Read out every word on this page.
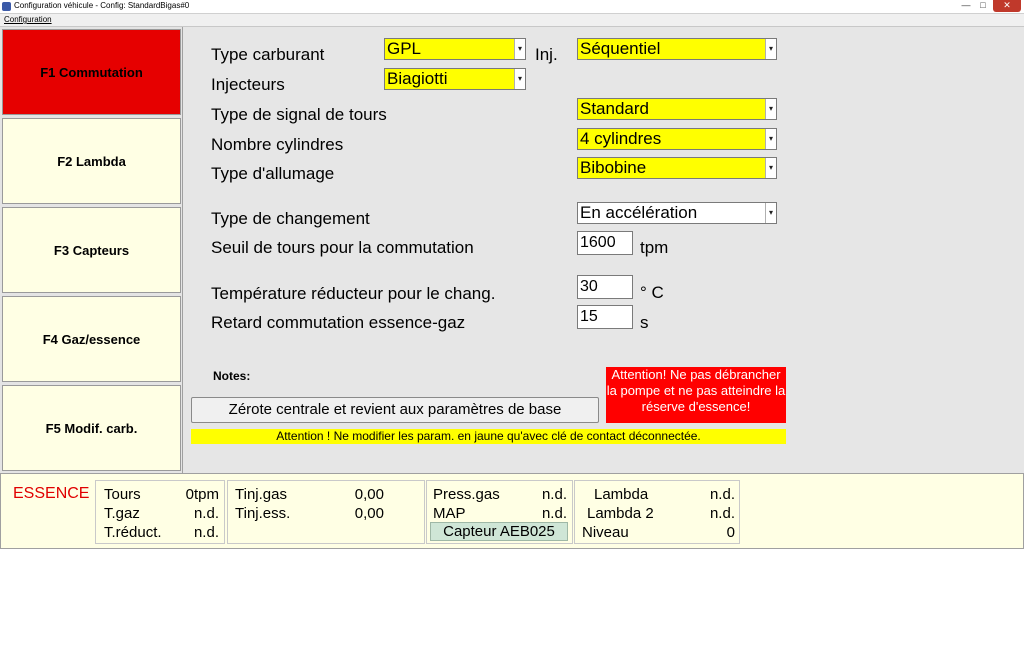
Configuration véhicule - Config: StandardBigas#0	—	□	✕
Configuration
F1 Commutation
F2 Lambda
F3 Capteurs
F4 Gaz/essence
F5 Modif. carb.
Type carburant	GPL	▾ Inj. Séquentiel	▾
Injecteurs	Biagiotti	▾
Type de signal de tours	Standard	▾
Nombre cylindres	4 cylindres	▾
Type d'allumage	Bibobine	▾
Type de changement	En accélération	▾
Seuil de tours pour la commutation	1600	tpm
Température réducteur pour le chang.	30	° C
Retard commutation essence-gaz	15	s
Notes:
Zérote centrale et revient aux paramètres de base
Attention! Ne pas débrancher la pompe et ne pas atteindre la réserve d'essence!
Attention ! Ne modifier les param. en jaune qu'avec clé de contact déconnectée.
ESSENCE Tours	0tpm
T.gaz	n.d.
T.réduct.	n.d.
Tinj.gas	0,00
Tinj.ess.	0,00
Press.gas	n.d.
MAP	n.d.
Capteur AEB025
Lambda	n.d.
Lambda 2	n.d.
Niveau	0
